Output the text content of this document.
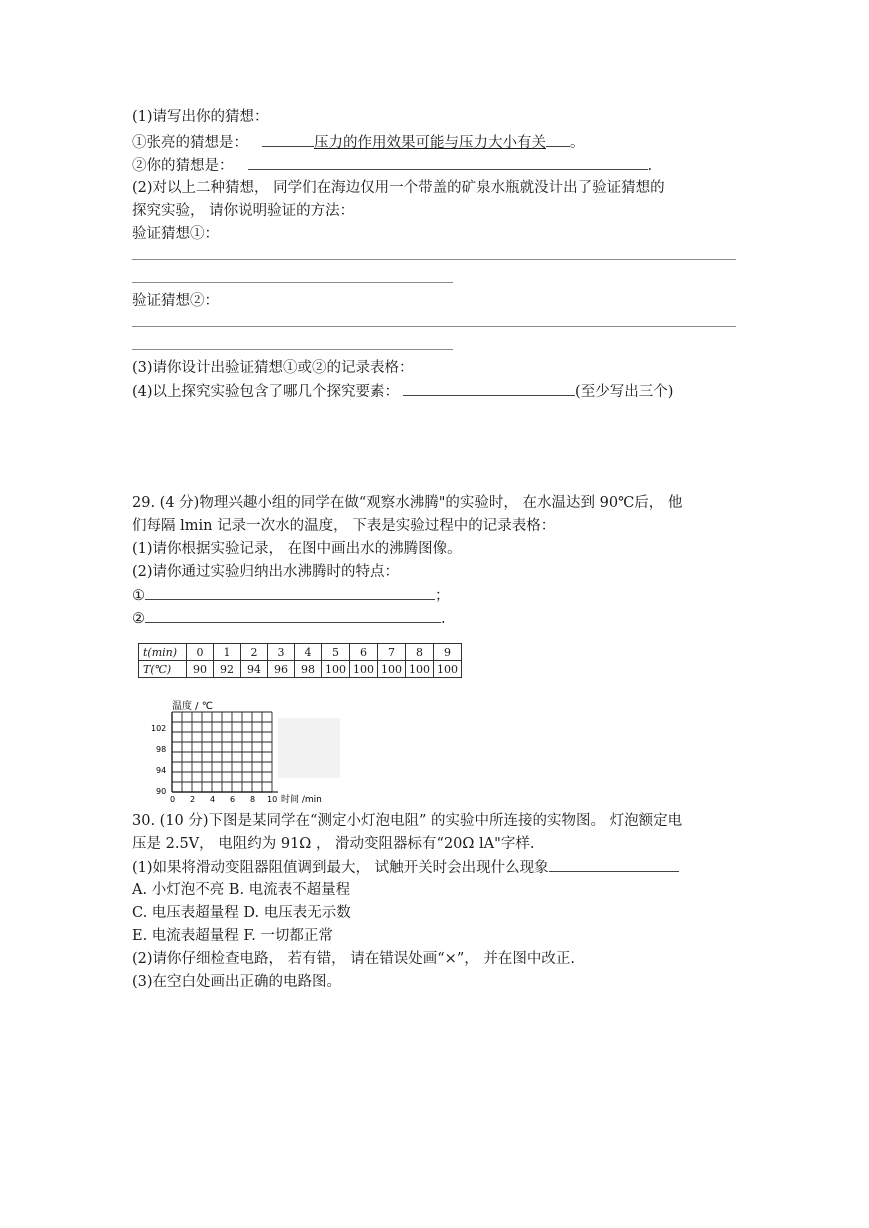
(1)请写出你的猜想：
①张亮的猜想是：	压力的作用效果可能与压力大小有关 。
②你的猜想是：	.
(2)对以上二种猜想， 同学们在海边仅用一个带盖的矿泉水瓶就没计出了验证猜想的
探究实验， 请你说明验证的方法：
验证猜想①：
验证猜想②：
(3)请你设计出验证猜想①或②的记录表格：
(4)以上探究实验包含了哪几个探究要素：	(至少写出三个)
29. (4 分)物理兴趣小组的同学在做“观察水沸腾"的实验时， 在水温达到 90℃后， 他
们每隔 lmin 记录一次水的温度， 下表是实验过程中的记录表格：
(1)请你根据实验记录， 在图中画出水的沸腾图像。
(2)请你通过实验归纳出水沸腾时的特点：
①	；
②	.
t(min)	0	1	2	3	4	5	6	7	8	9
T(℃)	90	92	94	96	98	100	100	100	100	100
温度 / ℃
102
98
94
90
0 2 4 6 8 10 时间 /min
30. (10 分)下图是某同学在“测定小灯泡电阻” 的实验中所连接的实物图。 灯泡额定电
压是 2.5V， 电阻约为 91Ω ， 滑动变阻器标有“20Ω lA"字样.
(1)如果将滑动变阻器阻值调到最大， 试触开关时会出现什么现象
A. 小灯泡不亮 B. 电流表不超量程
C. 电压表超量程 D. 电压表无示数
E. 电流表超量程 F. 一切都正常
(2)请你仔细检查电路， 若有错， 请在错误处画“×”， 并在图中改正.
(3)在空白处画出正确的电路图。
